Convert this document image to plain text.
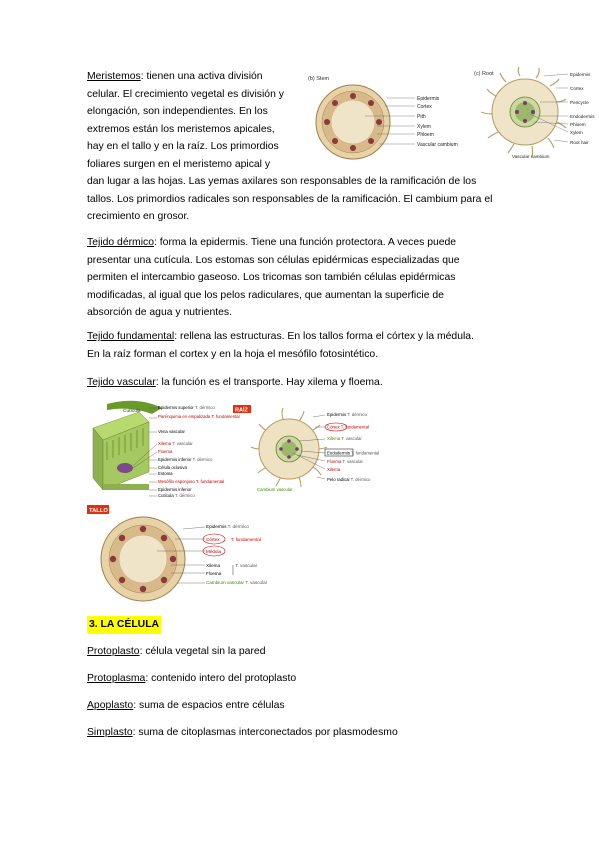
Meristemos: tienen una activa división

celular. El crecimiento vegetal es división y

elongación, son independientes. En los

extremos están los meristemos apicales,

hay en el tallo y en la raíz. Los primordios

foliares surgen en el meristemo apical y

dan lugar a las hojas. Las yemas axilares son responsables de la ramificación de los

tallos. Los primordios radicales son responsables de la ramificación. El cambium para el

crecimiento en grosor.

(b) Stem
Epidermis
Cortex
Pith
Xylem
Phloem
Vascular cambium
(c) Root	Epidermis
Cortex
Pericycle
Endodermis
Phloem
Xylem
Root hair
Vascular cambium

Tejido dérmico: forma la epidermis. Tiene una función protectora. A veces puede

presentar una cutícula. Los estomas son células epidérmicas especializadas que

permiten el intercambio gaseoso. Los tricomas son también células epidérmicas

modificadas, al igual que los pelos radiculares, que aumentan la superficie de

absorción de agua y nutrientes.

Tejido fundamental: rellena las estructuras. En los tallos forma el córtex y la médula.

En la raíz forman el cortex y en la hoja el mesófilo fotosintético.

Tejido vascular: la función es el transporte. Hay xilema y floema.

Cutícula
Epidermis superior T. dérmico
Parénquima en empalizada T. fundamental
Vena vascular
Xilema T. vascular
Floema
Epidermis inferior T. dérmico
Célula oclusiva
Estoma
Mesófilo esponjoso T. fundamental
Epidermis inferior
Cutícula T. dérmico
RAÍZ
Epidermis T. dérmico
Córtex T. fundamental
Xilema T. vascular
Endodermis T. fundamental
Floema T. vascular
Xilema
Pelo radical T. dérmico
Cambium vascular
TALLO
Epidermis T. dérmico
Córtex T. fundamental
Médula
Xilema	T. vascular
Floema
Cambium vascular T. vascular
3. LA CÉLULA

Protoplasto: célula vegetal sin la pared

Protoplasma: contenido intero del protoplasto

Apoplasto: suma de espacios entre células

Simplasto: suma de citoplasmas interconectados por plasmodesmo
